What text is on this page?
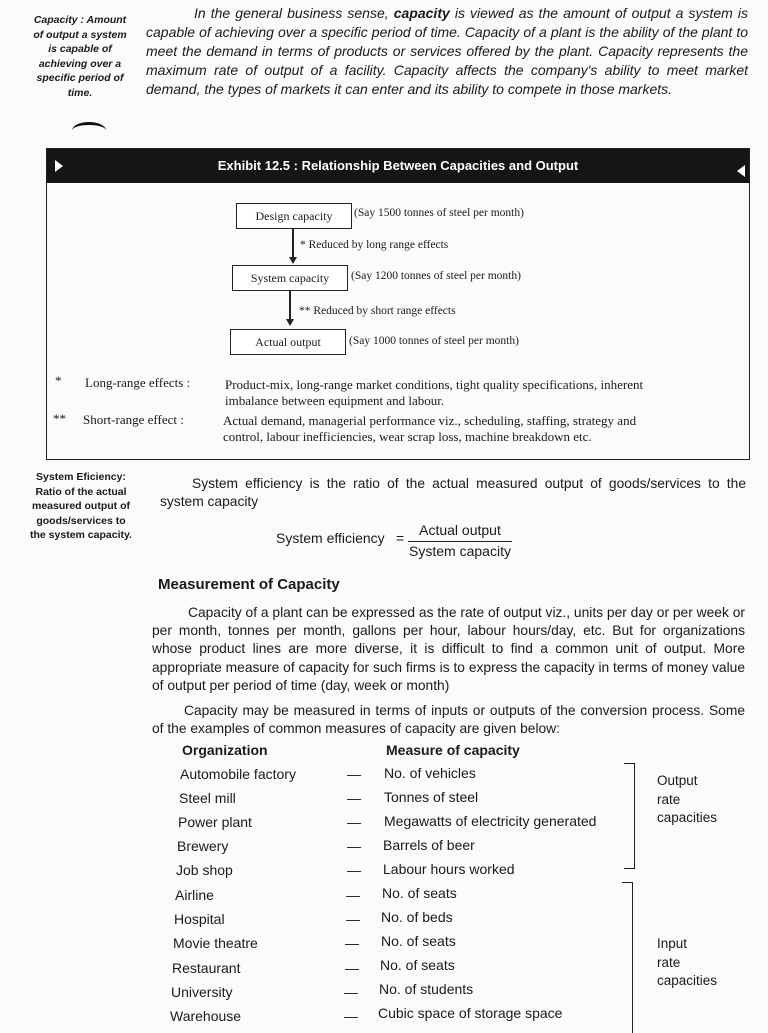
Capacity : Amount
of output a system
is capable of
achieving over a
specific period of
time.
In the general business sense, capacity is viewed as the amount of output a system is capable of achieving over a specific period of time. Capacity of a plant is the ability of the plant to meet the demand in terms of products or services offered by the plant. Capacity represents the maximum rate of output of a facility. Capacity affects the company's ability to meet market demand, the types of markets it can enter and its ability to compete in those markets.
Exhibit 12.5 : Relationship Between Capacities and Output
Design capacity	(Say 1500 tonnes of steel per month)
* Reduced by long range effects
System capacity	(Say 1200 tonnes of steel per month)
** Reduced by short range effects
Actual output	(Say 1000 tonnes of steel per month)
* Long-range effects :	Product-mix, long-range market conditions, tight quality specifications, inherent
imbalance between equipment and labour.
** Short-range effect :	Actual demand, managerial performance viz., scheduling, staffing, strategy and
control, labour inefficiencies, wear scrap loss, machine breakdown etc.
System Eficiency:
Ratio of the actual
measured output of
goods/services to
the system capacity.
System efficiency is the ratio of the actual measured output of goods/services to the system capacity
System efficiency =	Actual output
System capacity
Measurement of Capacity
Capacity of a plant can be expressed as the rate of output viz., units per day or per week or per month, tonnes per month, gallons per hour, labour hours/day, etc. But for organizations whose product lines are more diverse, it is difficult to find a common unit of output. More appropriate measure of capacity for such firms is to express the capacity in terms of money value of output per period of time (day, week or month)
Capacity may be measured in terms of inputs or outputs of the conversion process. Some of the examples of common measures of capacity are given below:
Organization	Measure of capacity
Automobile factory	— No. of vehicles
Steel mill	— Tonnes of steel
Power plant	— Megawatts of electricity generated
Brewery	— Barrels of beer
Job shop	— Labour hours worked
Airline	— No. of seats
Hospital	— No. of beds
Movie theatre	— No. of seats
Restaurant	— No. of seats
University	— No. of students
Warehouse	— Cubic space of storage space
Output
rate
capacities
Input
rate
capacities
